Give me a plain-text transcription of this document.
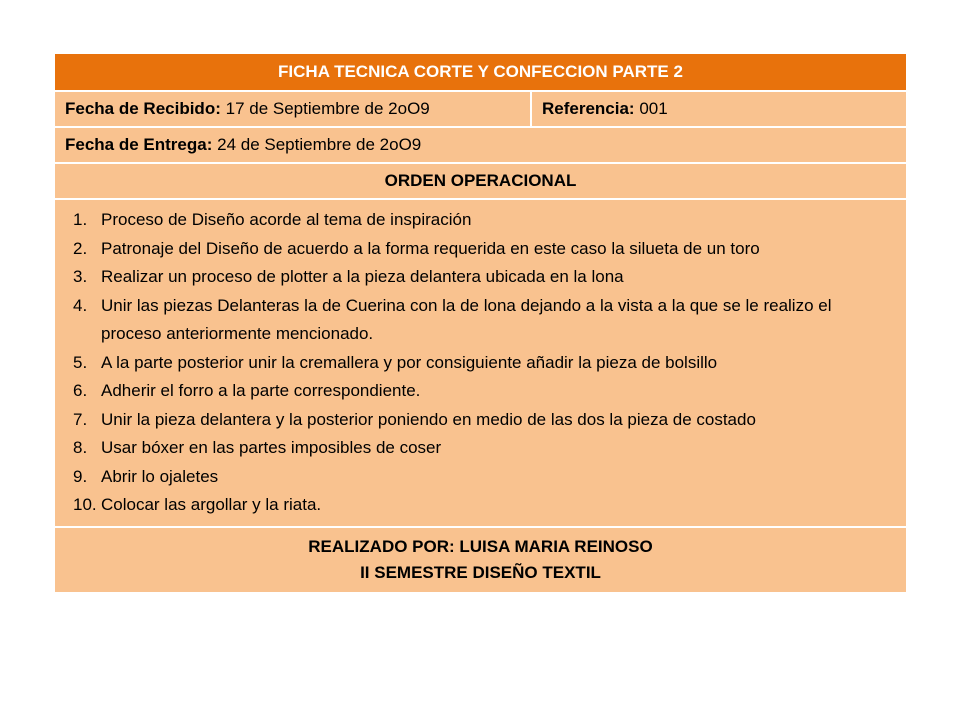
FICHA TECNICA CORTE Y CONFECCION PARTE 2
Fecha de Recibido: 17 de Septiembre de 2oO9	Referencia: 001
Fecha de Entrega: 24 de Septiembre de 2oO9
ORDEN OPERACIONAL

Proceso de Diseño acorde al tema de inspiración
Patronaje del Diseño de acuerdo a la forma requerida en este caso la silueta de un toro
Realizar un proceso de plotter a la pieza delantera ubicada en la lona
Unir las piezas Delanteras la de Cuerina con la de lona dejando a la vista a la que se le realizo el proceso anteriormente mencionado.
A la parte posterior unir la cremallera y por consiguiente añadir la pieza de bolsillo
Adherir el forro a la parte correspondiente.
Unir la pieza delantera y la posterior poniendo en medio de las dos la pieza de costado
Usar bóxer en las partes imposibles de coser
Abrir lo ojaletes
Colocar las argollar y la riata.

REALIZADO POR: LUISA MARIA REINOSO
II SEMESTRE DISEÑO TEXTIL
